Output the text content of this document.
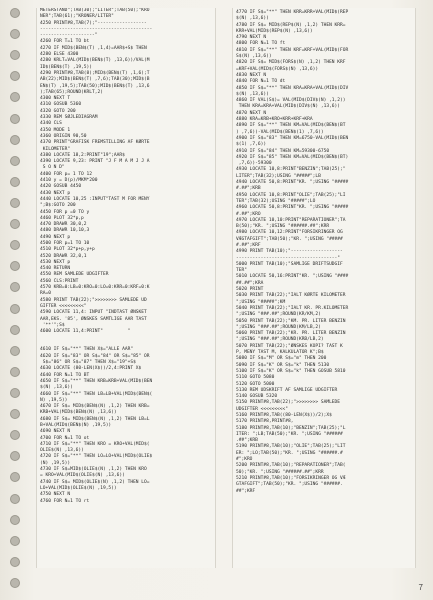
METERSTAND";TAB(30);"LITER";TAB(50);"KRO
NER";TAB(61);"KRONER/LITER"
4250 PRINT#8,TAB(7);"------------------
-----------------------------------------
--------------------"
4260 FOR T=1 TO bt
4270 IF MID$(BEN$(T) ,1,4)=AAR$+S$ THEN
4280 ELSE 4300
4280 KRLT=VAL(MID$(BEN$(T) ,13,6))/VAL(M
ID$(BEN$(T) ,19,5))
4290 PRINT#8,TAB(8);MID$(BEN$(T) ,1,6);T
AB(22);MID$(BEN$(T) ,7,6);TAB(30);MID$(B
EN$(T) ,19,5);TAB(50);MID$(BEN$(T) ,13,6
);TAB(65);ROUND(KRLT,2)
4300 NEXT T
4310 GOSUB 5360
4320 GOTO 200
4330 REM SØJLEDIAGRAM
4340 CLS
4350 MODE 1
4360 ORIGIN 90,50
4370 PRINT"GRAFISK FREMSTILLING AF KØRTE
KILOMETER"
4380 LOCATE 18,2:PRINT"19";AAR$
4390 LOCATE 9,23: PRINT "J F M A M J J A
S O N D"
4400 FOR p= 1 TO 12
4410 y = D(p)/MKM*200
4420 GOSUB 4450
4430 NEXT p
4440 LOCATE 10,25 :INPUT"TAST M FOR MENY
";B$:GOTO 200
4450 FOR p =0 TO y
4460 PLOT 32*p,p
4470 DRAWR 30,0,2
4480 DRAWR 10,10,3
4490 NEXT p
4500 FOR p=1 TO 10
4510 PLOT 32*p+p,y+p
4520 DRAWR 32,0,1
4530 NEXT p
4540 RETURN
4550 REM SAMLEDE UDGIFTER
4560 CLS:PRINT
4570 KRB=0:LB=0:KRO=0:LO=0:KRR=0:KRF=0:K
RA=0
4580 PRINT TAB(22);">>>>>>>> SAMLEDE UD
GIFTER <<<<<<<<<"
4590 LOCATE 11,4: INPUT "INDTAST ØNSKET
AAR,EKS. '85', ØNSKES SAMTLIGE AAR TAST
'**'";S$
4600 LOCATE 11,4:PRINT"         "
4610 IF S$="**" THEN X$="ALLE AAR"
4620 IF S$="83" OR S$="84" OR S$="85" OR
S$="86" OR S$="87" THEN X$="19"+S$
4630 LOCATE (80-LEN(X$))/2,4:PRINT X$
4640 FOR N=1 TO BT
4650 IF S$="**" THEN KRB=KRB+VAL(MID$(BEN
$(N) ,13,6))
4660 IF S$="**" THEN LB=LB+VAL(MID$(BEN$(
N) ,19,5))
4670 IF S$= MID$(BEN$(N) ,1,2) THEN KRB=
KRB+VAL(MID$(BEN$(N) ,13,6))
4680 IF S$= MID$(BEN$(N) ,1,2) THEN LB=L
B+VAL(MID$(BEN$(N) ,19,5))
4690 NEXT N
4700 FOR N=1 TO ot
4710 IF S$="**" THEN KRO = KRO+VAL(MID$(
OLIE$(N) ,13,6))
4720 IF S$="**" THEN LO=LO+VAL(MID$(OLIE$
(N) ,19,5))
4730 IF S$=MID$(OLIE$(N) ,1,2) THEN KRO
= KRO+VAL(MID$(OLIE$(N) ,13,6))
4740 IF S$= MID$(OLIE$(N) ,1,2) THEN LO=
LO+VAL(MID$(OLIE$(N) ,19,5))
4750 NEXT N
4760 FOR N=1 TO rt
4770 IF S$="**" THEN KRR=KRR+VAL(MID$(REP
$(N) ,13,6))
4780 IF S$= MID$(REP$(N) ,1,2) THEN KRR=
KRR+VAL(MID$(REP$(N) ,13,6))
4790 NEXT N
4800 FOR N=1 TO ft
4810 IF S$="**" THEN KRF=KRF+VAL(MID$(FOR
S$(N) ,13,6))
4820 IF S$= MID$(FORS$(N) ,1,2) THEN KRF
=KRF+VAL(MID$(FORS$(N) ,13,6))
4830 NEXT N
4840 FOR N=1 TO dt
4850 IF S$="**" THEN KRA=KRA+VAL(MID$(DIV
$(N) ,13,6))
4860 IF VAL(S$)= VAL(MID$(DIV$(N) ,1,2))
THEN KRA=KRA+VAL(MID$(DIV$(N) ,13,6))
4870 NEXT N
4880 KRA=KRB+KRO+KRR+KRF+KRA
4890 IF S$="**" THEN KM=VAL(MID$(BEN$(BT
) ,7,6))-VAL(MID$(BEN$(1) ,7,6))
4900 IF S$="83" THEN KM=6750-VAL(MID$(BEN
$(1) ,7,6))
4910 IF S$="84" THEN KM=59300-6750
4920 IF S$="85" THEN KM=VAL(MID$(BEN$(BT)
,7,6))-59300
4930 LOCATE 10,8:PRINT"BENZIN";TAB(25);"
LITER";TAB(32);USING "#####";LB
4940 LOCATE 50,8:PRINT"KR. ";USING "#####
#.##";KRB
4950 LOCATE 10,8:PRINT"OLIE";TAB(25);"LI
TER";TAB(32);USING "#####";LO
4960 LOCATE 50,8:PRINT"KR. ";USING "#####
#.##";KRO
4970 LOCATE 10,10:PRINT"REPARATIONER";TA
B(50);"KR. ";USING "######.##";KRR
4980 LOCATE 10,12:PRINT"FORSIKRINGER OG
VÆGTAFGIFT";TAB(50);"KR. ";USING "#####
#.##";KRF
4990 PRINT TAB(10);"-------------------
-------------------------------------"
5000 PRINT TAB(10);"SAMLIGE DRIFTSUDGIF
TER"
5010 LOCATE 50,16:PRINT"KR. ";USING "####
##.##";KRA
5020 PRINT
5030 PRINT TAB(22);"IALT KØRTE KILOMETER
";USING "#####";KM
5040 PRINT TAB(22);"IALT KR. PR.KILOMETER
";USING "###.##";ROUND(KR/KM,2)
5050 PRINT TAB(22);"KM. PR. LITER BENZIN
";USING "###.##";ROUND(KM/LB,2)
5060 PRINT TAB(22);"KR. PR. LITER BENZIN
";USING "###.##";ROUND(KRB/LB,2)
5070 PRINT TAB(22);"ØNSKES KOPI? TAST K
P, MENY TAST M, KALKULATOR K";B$
5080 IF S$="M" OR S$="m" THEN 200
5090 IF S$="K" OR S$="k" THEN 5130
5100 IF S$="K" OR S$="k" THEN GOSUB 5810
5110 GOTO 5080
5120 GOTO 5000
5130 REM UDSKRIFT AF SAMLIGE UDGIFTER
5140 GOSUB 5320
5150 PRINT#8,TAB(22);">>>>>>>> SAMLEDE
UDGIFTER <<<<<<<<<"
5160 PRINT#8,TAB((80-LEN(X$))/2);X$
5170 PRINT#8,PRINT#8,
5180 PRINT#8,TAB(10);"BENZIN";TAB(25);"L
ITER: ";LB;TAB(50);"KR. ";USING "######
.##";KRB
5190 PRINT#8,TAB(10);"OLIE";TAB(25);"LIT
ER: ";LO;TAB(50);"KR. ";USING "######.#
#";KRO
5200 PRINT#8,TAB(10);"REPARATIONER";TAB(
50);"KR. ";USING "######.##";KRR
5210 PRINT#8,TAB(10);"FORSIKRINGER OG VÆ
GTAFGIFT";TAB(50);"KR. ";USING "######.
##";KRF
7
